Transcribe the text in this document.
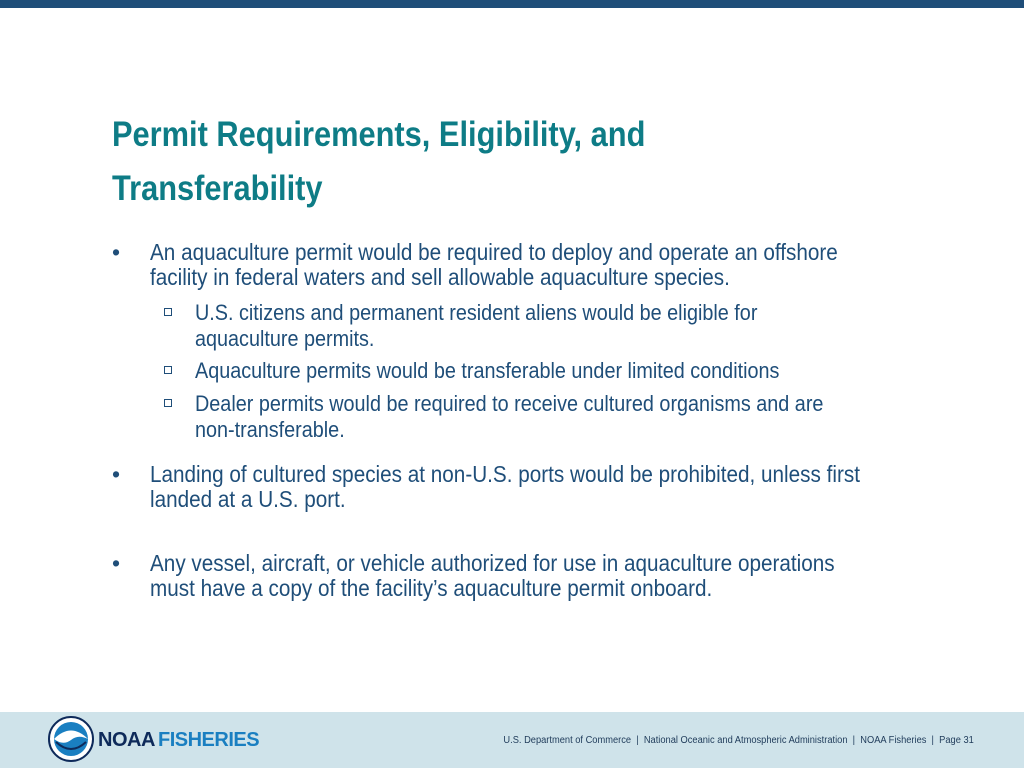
Permit Requirements, Eligibility, and
Transferability
• An aquaculture permit would be required to deploy and operate an offshore
facility in federal waters and sell allowable aquaculture species.
U.S. citizens and permanent resident aliens would be eligible for
aquaculture permits.
Aquaculture permits would be transferable under limited conditions
Dealer permits would be required to receive cultured organisms and are
non-transferable.
• Landing of cultured species at non-U.S. ports would be prohibited, unless first
landed at a U.S. port.
• Any vessel, aircraft, or vehicle authorized for use in aquaculture operations
must have a copy of the facility’s aquaculture permit onboard.
NOAA FISHERIES	U.S. Department of Commerce  |  National Oceanic and Atmospheric Administration  |  NOAA Fisheries  |  Page 31
